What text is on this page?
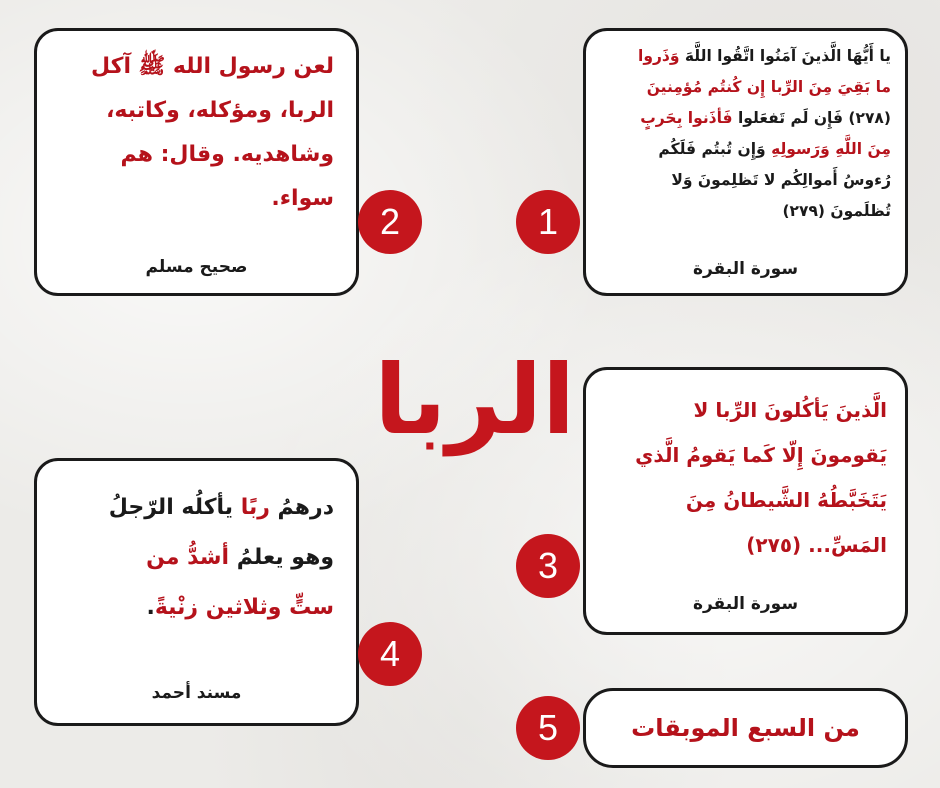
الربا
يا أَيُّهَا الَّذينَ آمَنُوا اتَّقُوا اللَّهَ وَذَروا
ما بَقِيَ مِنَ الرِّبا إِن كُنتُم مُؤمِنينَ
(٢٧٨) فَإِن لَم تَفعَلوا فَأذَنوا بِحَربٍ
مِنَ اللَّهِ وَرَسولِهِ وَإِن تُبتُم فَلَكُم
رُءوسُ أَموالِكُم لا تَظلِمونَ وَلا
تُظلَمونَ (٢٧٩)
سورة البقرة
1
لعن رسول الله ﷺ آكل
الربا، ومؤكله، وكاتبه،
وشاهديه. وقال: هم
سواء.
صحيح مسلم
2
الَّذينَ يَأكُلونَ الرِّبا لا
يَقومونَ إِلّا كَما يَقومُ الَّذي
يَتَخَبَّطُهُ الشَّيطانُ مِنَ
المَسِّ... (٢٧٥)
سورة البقرة
3
درهمُ ربًا يأكلُه الرّجلُ
وهو يعلمُ أشدُّ من
ستٍّ وثلاثين زنْيةً.
مسند أحمد
4
من السبع الموبقات
5
